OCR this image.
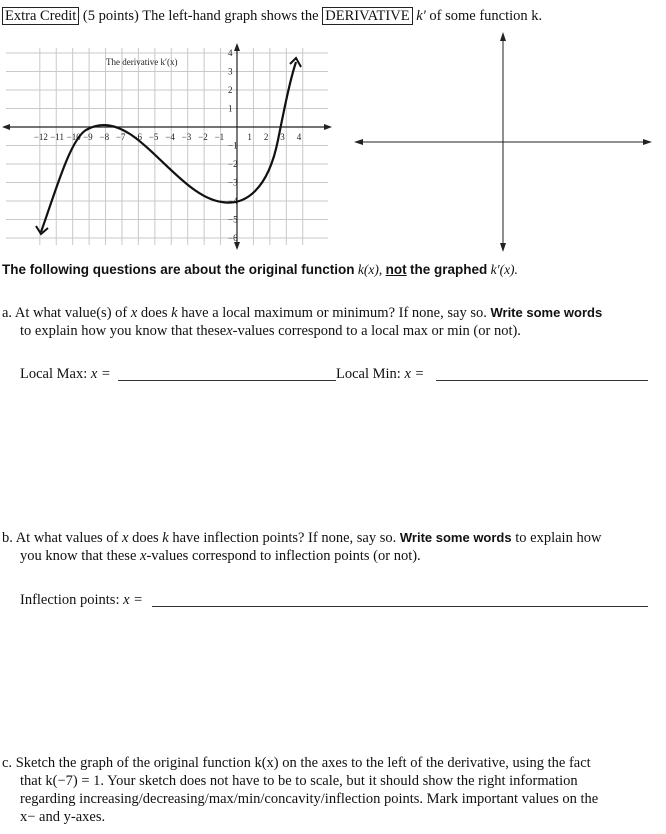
Extra Credit (5 points) The left-hand graph shows the DERIVATIVE k′ of some function k.
−12 −11 −10 −9 −8 −7 −6 −5 −4 −3 −2 −1	1 2 3 4
4
3
2
1
−1
−2
−3
−4
−5
−6
The derivative k′(x)
The following questions are about the original function k(x), not the graphed k′(x).
a. At what value(s) of x does k have a local maximum or minimum? If none, say so. Write some words
to explain how you know that thesex-values correspond to a local max or min (or not).
Local Max: x =	Local Min: x =
b. At what values of x does k have inflection points? If none, say so. Write some words to explain how
you know that these x-values correspond to inflection points (or not).
Inflection points: x =
c. Sketch the graph of the original function k(x) on the axes to the left of the derivative, using the fact
that k(−7) = 1. Your sketch does not have to be to scale, but it should show the right information
regarding increasing/decreasing/max/min/concavity/inflection points. Mark important values on the
x− and y-axes.
